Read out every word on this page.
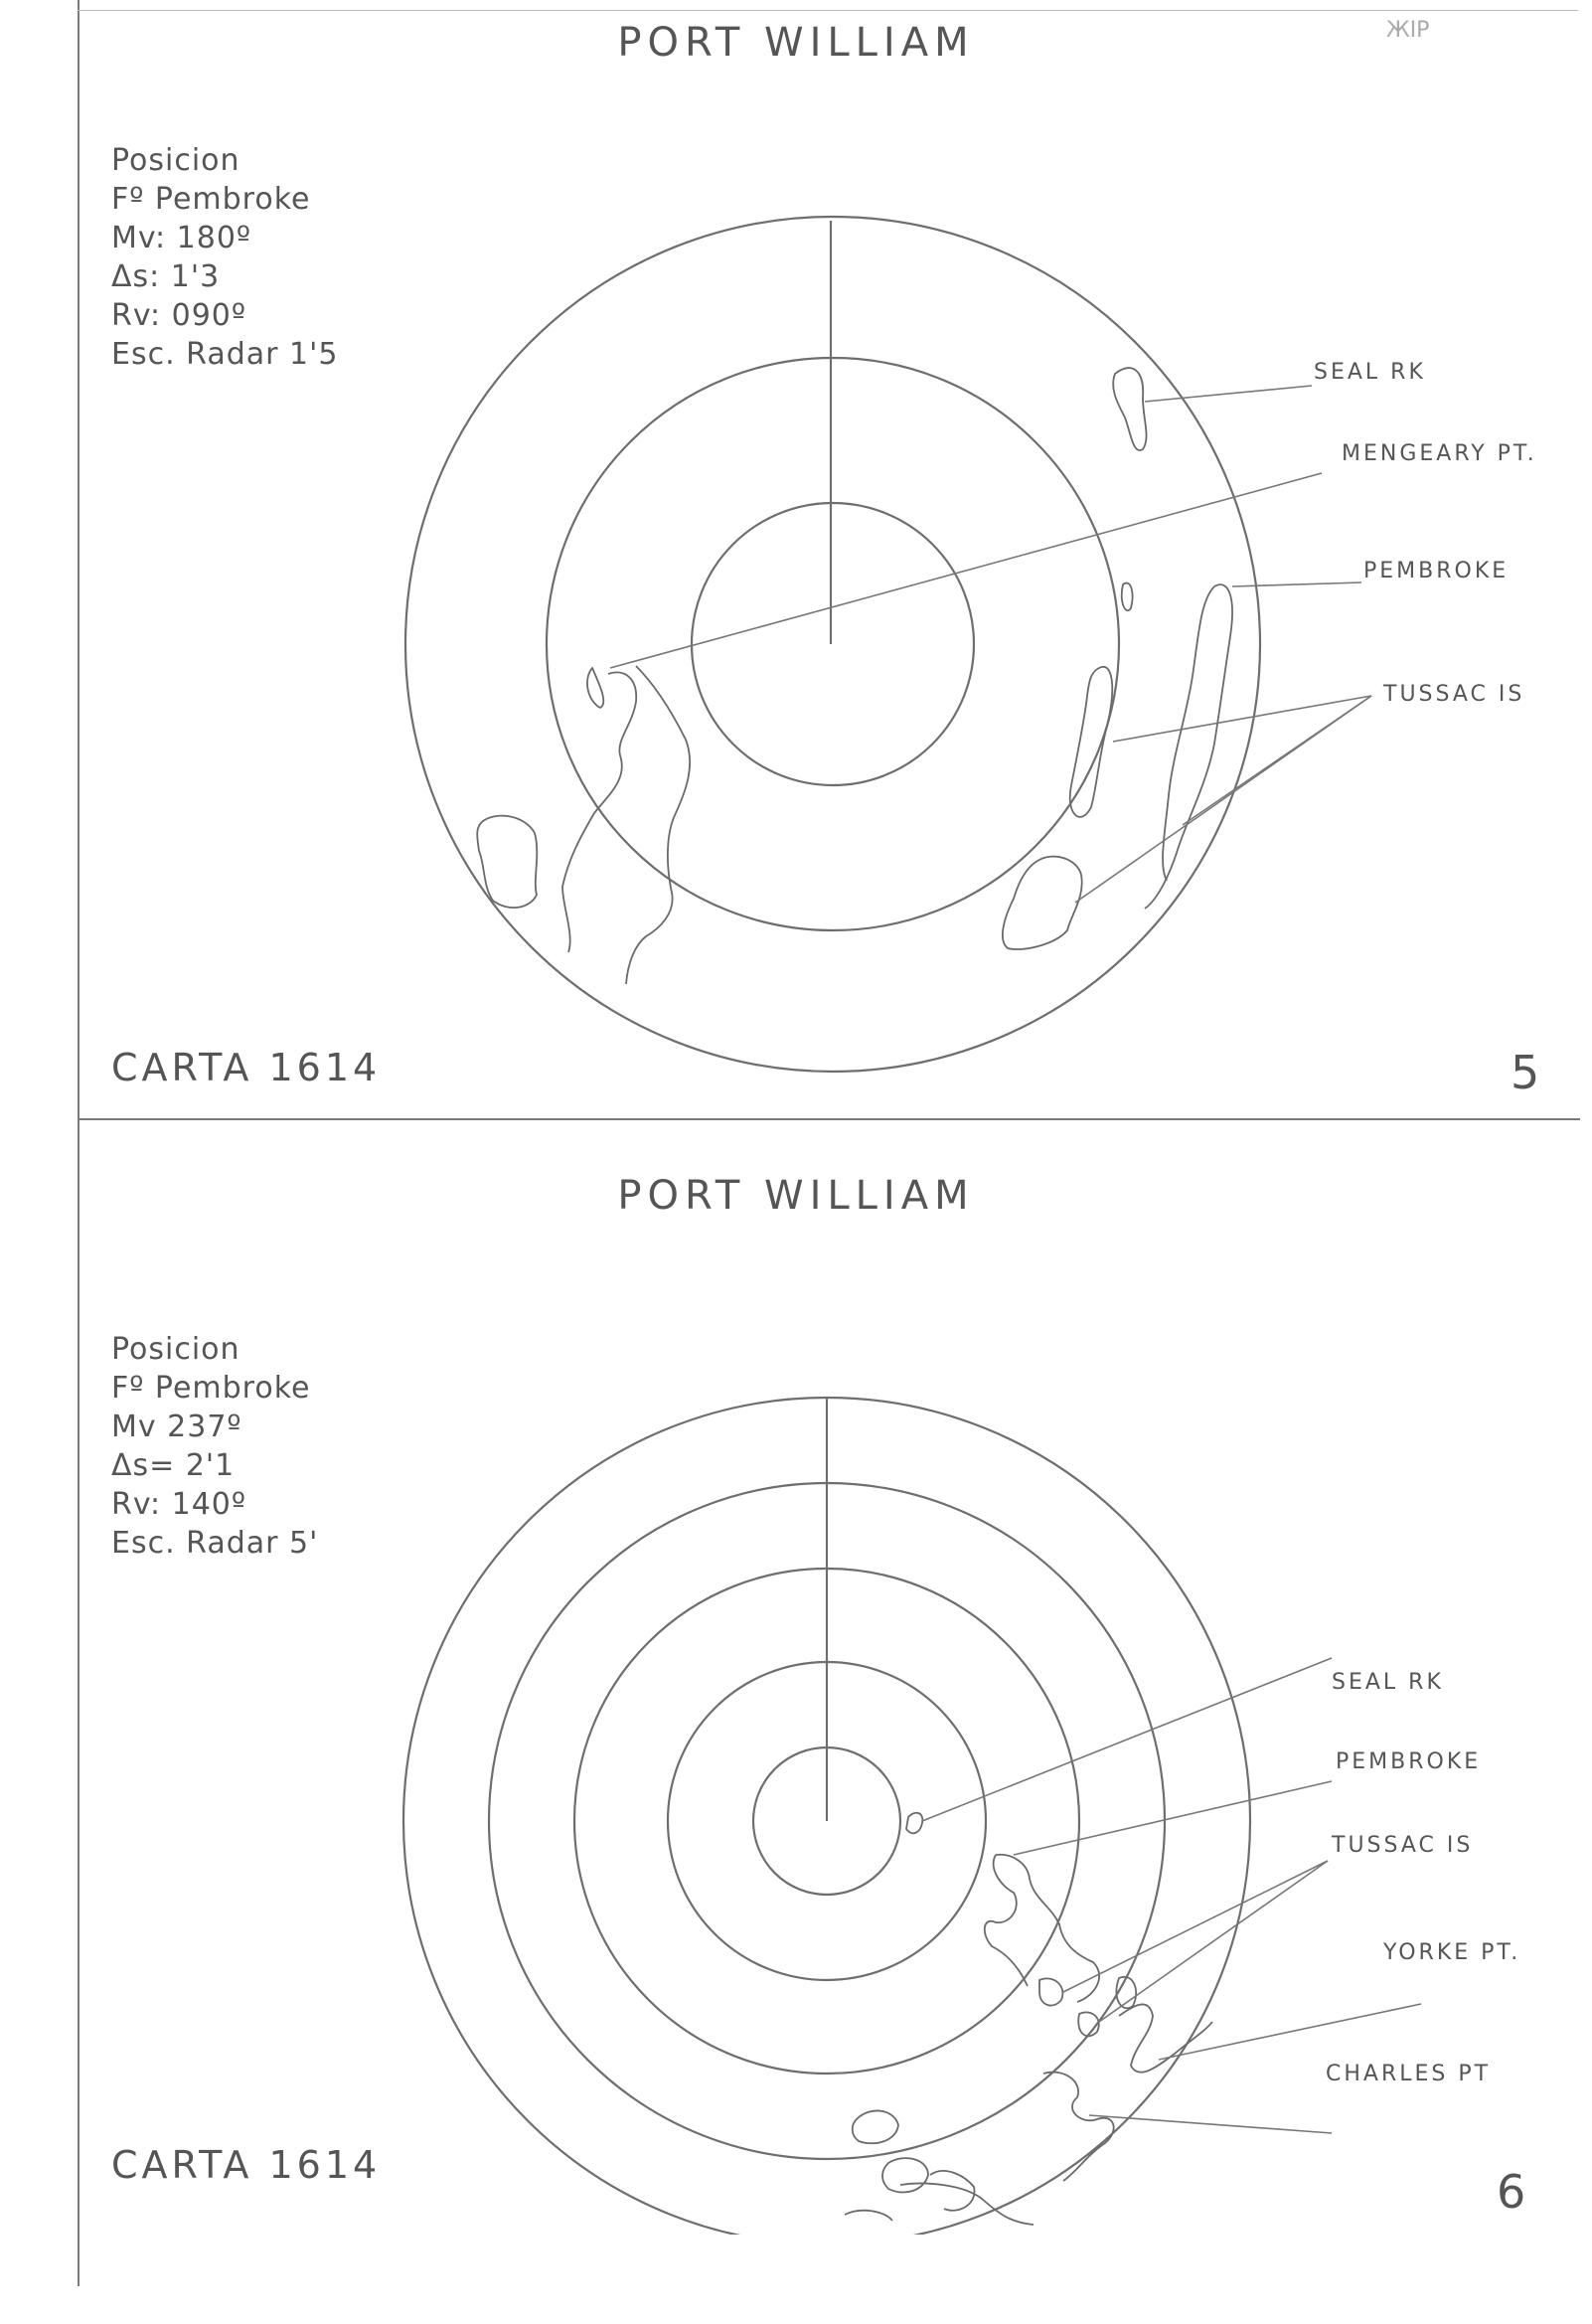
ЖIP
PORT WILLIAM
Posicion
Fº Pembroke
Mv: 180º
Δs: 1'3
Rv: 090º
Esc. Radar 1'5
SEAL RK
MENGEARY PT.
PEMBROKE
TUSSAC IS
CARTA 1614	5
PORT WILLIAM
Posicion
Fº Pembroke
Mv 237º
Δs= 2'1
Rv: 140º
Esc. Radar 5'
SEAL RK
PEMBROKE
TUSSAC IS
YORKE PT.
CHARLES PT
CARTA 1614	6
